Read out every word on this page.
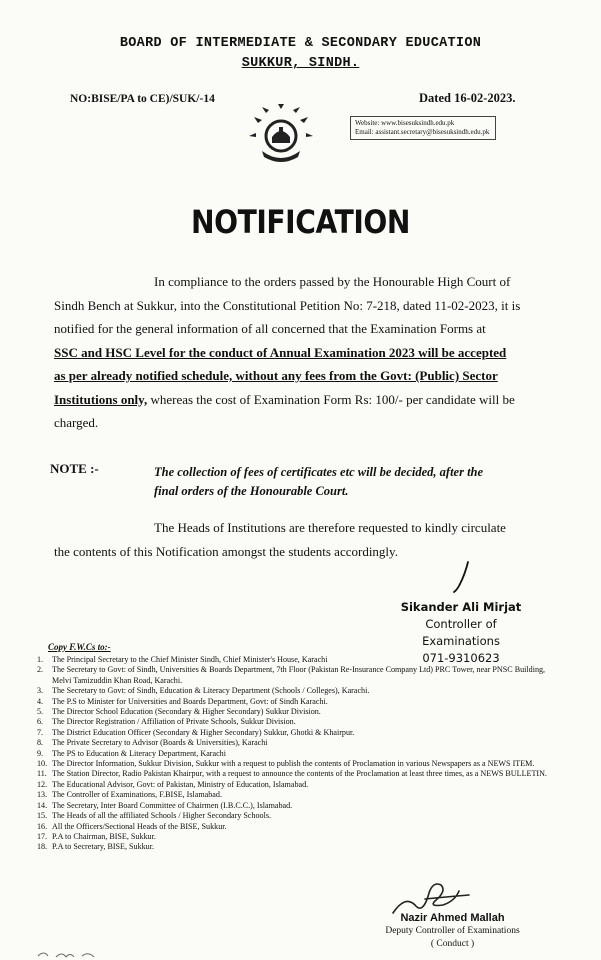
BOARD OF INTERMEDIATE & SECONDARY EDUCATION
SUKKUR, SINDH.
NO:BISE/PA to CE)/SUK/-14	Dated 16-02-2023.
Website: www.bisesuksindh.edu.pk
Email: assistant.secretary@bisesuksindh.edu.pk
NOTIFICATION
In compliance to the orders passed by the Honourable High Court of
Sindh Bench at Sukkur, into the Constitutional Petition No: 7-218, dated 11-02-2023, it is
notified for the general information of all concerned that the Examination Forms at
SSC and HSC Level for the conduct of Annual Examination 2023 will be accepted
as per already notified schedule, without any fees from the Govt: (Public) Sector
Institutions only, whereas the cost of Examination Form Rs: 100/- per candidate will be
charged.
NOTE :-	The collection of fees of certificates etc will be decided, after the
final orders of the Honourable Court.
The Heads of Institutions are therefore requested to kindly circulate
the contents of this Notification amongst the students accordingly.
Sikander Ali Mirjat
Controller of Examinations
071-9310623
Copy F.W.Cs to:-
1.	The Principal Secretary to the Chief Minister Sindh, Chief Minister's House, Karachi
2.	The Secretary to Govt: of Sindh, Universities & Boards Department, 7th Floor (Pakistan Re-Insurance Company Ltd) PRC Tower, near PNSC Building, Melvi Tamizuddin Khan Road, Karachi.
3.	The Secretary to Govt: of Sindh, Education & Literacy Department (Schools / Colleges), Karachi.
4.	The P.S to Minister for Universities and Boards Department, Govt: of Sindh Karachi.
5.	The Director School Education (Secondary & Higher Secondary) Sukkur Division.
6.	The Director Registration / Affiliation of Private Schools, Sukkur Division.
7.	The District Education Officer (Secondary & Higher Secondary) Sukkur, Ghotki & Khairpur.
8.	The Private Secretary to Advisor (Boards & Universities), Karachi
9.	The PS to Education & Literacy Department, Karachi
10. The Director Information, Sukkur Division, Sukkur with a request to publish the contents of Proclamation in various Newspapers as a NEWS ITEM.
11. The Station Director, Radio Pakistan Khairpur, with a request to announce the contents of the Proclamation at least three times, as a NEWS BULLETIN.
12. The Educational Advisor, Govt: of Pakistan, Ministry of Education, Islamabad.
13. The Controller of Examinations, F.BISE, Islamabad.
14. The Secretary, Inter Board Committee of Chairmen (I.B.C.C.), Islamabad.
15. The Heads of all the affiliated Schools / Higher Secondary Schools.
16. All the Officers/Sectional Heads of the BISE, Sukkur.
17. P.A to Chairman, BISE, Sukkur.
18. P.A to Secretary, BISE, Sukkur.
Nazir Ahmed Mallah
Deputy Controller of Examinations
( Conduct )
